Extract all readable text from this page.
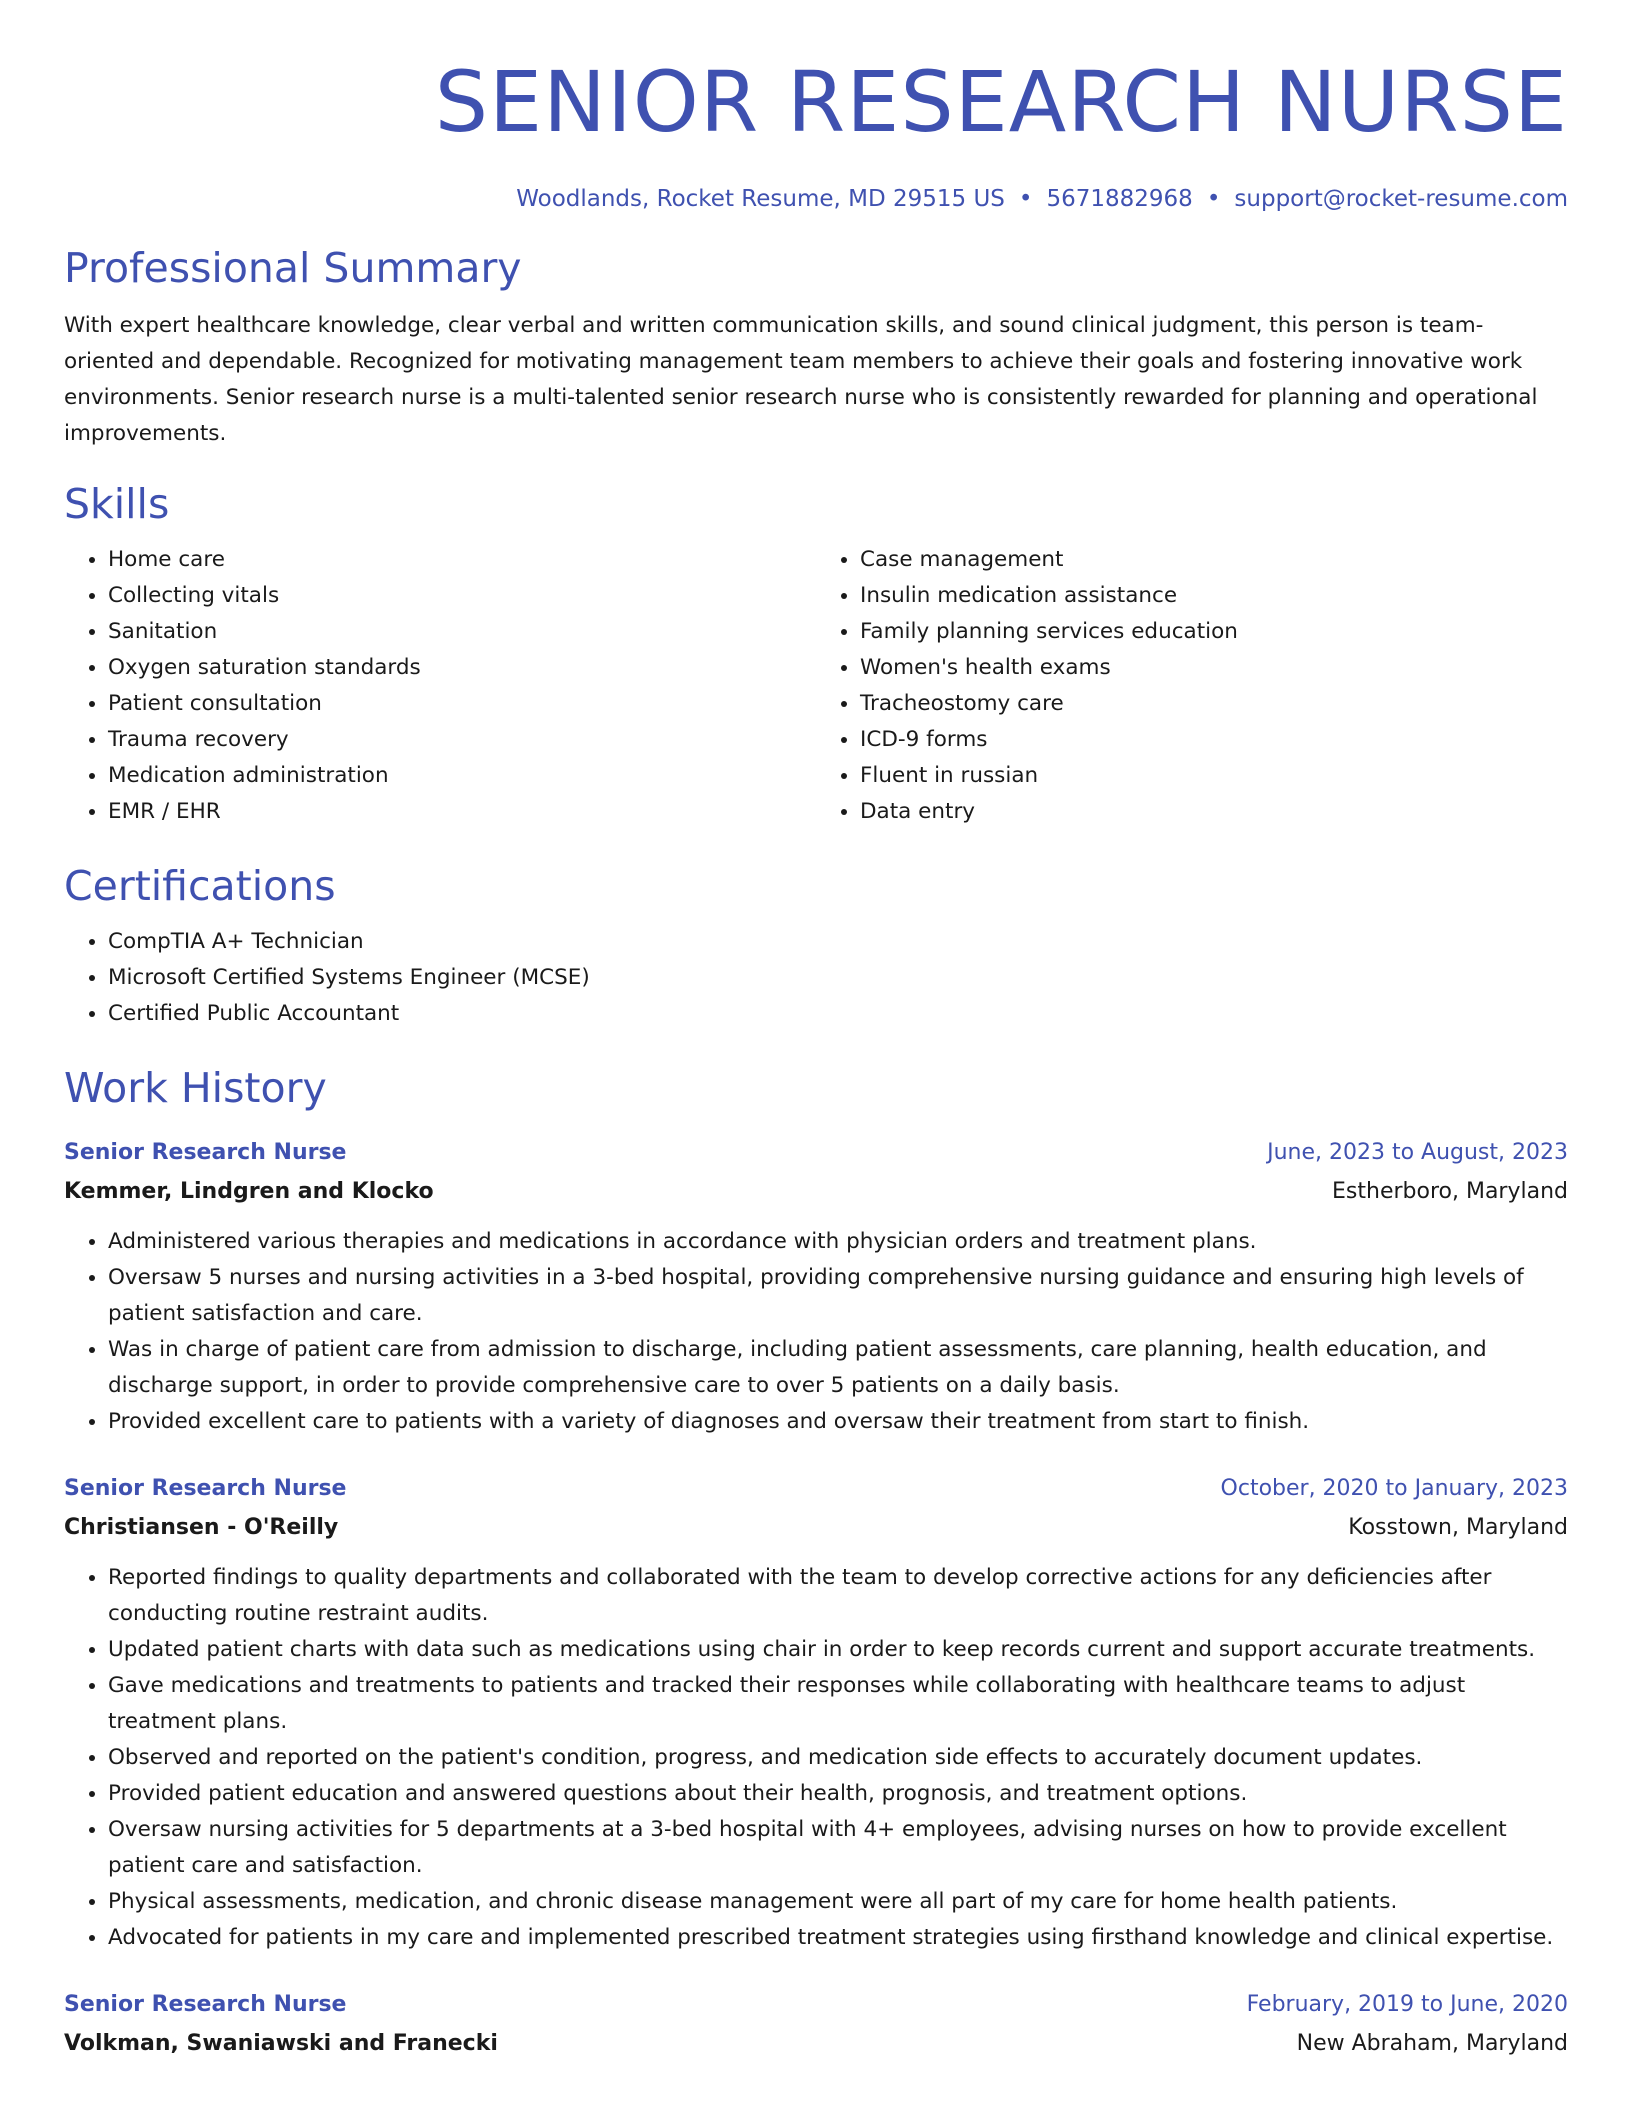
SENIOR RESEARCH NURSE
Woodlands, Rocket Resume, MD 29515 US • 5671882968 • support@rocket-resume.com
Professional Summary

With expert healthcare knowledge, clear verbal and written communication skills, and sound clinical judgment, this person is team-oriented and dependable. Recognized for motivating management team members to achieve their goals and fostering innovative work environments. Senior research nurse is a multi-talented senior research nurse who is consistently rewarded for planning and operational improvements.

Skills
• Home care
• Collecting vitals
• Sanitation
• Oxygen saturation standards
• Patient consultation
• Trauma recovery
• Medication administration
• EMR / EHR
• Case management
• Insulin medication assistance
• Family planning services education
• Women's health exams
• Tracheostomy care
• ICD-9 forms
• Fluent in russian
• Data entry
Certifications
• CompTIA A+ Technician
• Microsoft Certified Systems Engineer (MCSE)
• Certified Public Accountant
Work History
Senior Research Nurse	June, 2023 to August, 2023
Kemmer, Lindgren and Klocko	Estherboro, Maryland
• Administered various therapies and medications in accordance with physician orders and treatment plans.
• Oversaw 5 nurses and nursing activities in a 3-bed hospital, providing comprehensive nursing guidance and ensuring high levels of patient satisfaction and care.
• Was in charge of patient care from admission to discharge, including patient assessments, care planning, health education, and discharge support, in order to provide comprehensive care to over 5 patients on a daily basis.
• Provided excellent care to patients with a variety of diagnoses and oversaw their treatment from start to finish.
Senior Research Nurse	October, 2020 to January, 2023
Christiansen - O'Reilly	Kosstown, Maryland
• Reported findings to quality departments and collaborated with the team to develop corrective actions for any deficiencies after conducting routine restraint audits.
• Updated patient charts with data such as medications using chair in order to keep records current and support accurate treatments.
• Gave medications and treatments to patients and tracked their responses while collaborating with healthcare teams to adjust treatment plans.
• Observed and reported on the patient's condition, progress, and medication side effects to accurately document updates.
• Provided patient education and answered questions about their health, prognosis, and treatment options.
• Oversaw nursing activities for 5 departments at a 3-bed hospital with 4+ employees, advising nurses on how to provide excellent patient care and satisfaction.
• Physical assessments, medication, and chronic disease management were all part of my care for home health patients.
• Advocated for patients in my care and implemented prescribed treatment strategies using firsthand knowledge and clinical expertise.
Senior Research Nurse	February, 2019 to June, 2020
Volkman, Swaniawski and Franecki	New Abraham, Maryland
